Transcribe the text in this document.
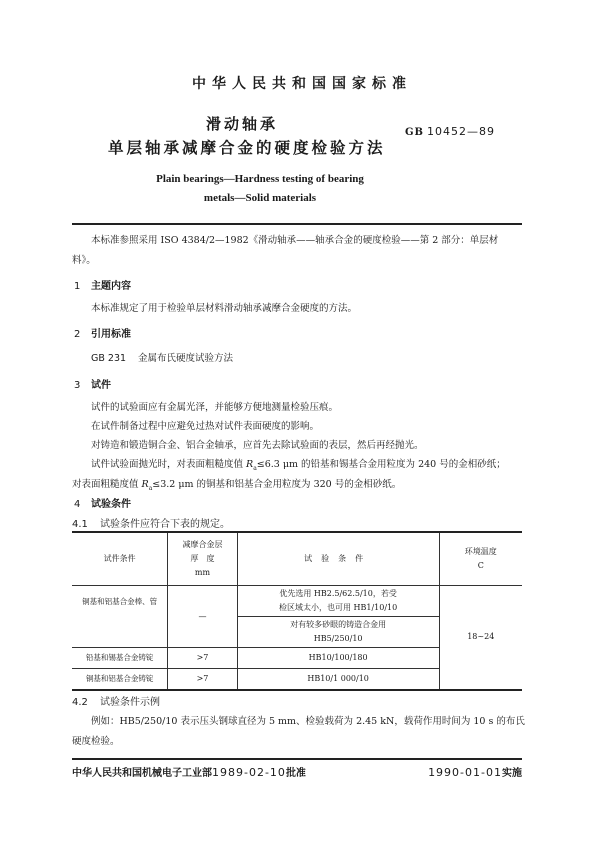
中华人民共和国国家标准
滑动轴承
单层轴承减摩合金的硬度检验方法
GB 10452—89
Plain bearings—Hardness testing of bearing
metals—Solid materials
本标准参照采用 ISO 4384/2—1982《滑动轴承——轴承合金的硬度检验——第 2 部分：单层材料》。
1 主题内容
本标准规定了用于检验单层材料滑动轴承减摩合金硬度的方法。
2 引用标准
GB 231 金属布氏硬度试验方法
3 试件
试件的试验面应有金属光泽，并能够方便地测量检验压痕。
在试件制备过程中应避免过热对试件表面硬度的影响。
对铸造和锻造铜合金、铝合金轴承，应首先去除试验面的表层，然后再经抛光。
试件试验面抛光时，对表面粗糙度值 $R_a\le 6.3$ μm 的铅基和锡基合金用粒度为 240 号的金相砂纸；
对表面粗糙度值 $R_a\le 3.2$ μm 的铜基和铝基合金用粒度为 320 号的金相砂纸。
4 试验条件
4.1 试验条件应符合下表的规定。
试件条件	减摩合金层
厚　度
mm	试验条件	环境温度
C

铜基和铝基合金棒、管	—	优先选用 HB2.5/62.5/10，若受
检区域太小，也可用 HB1/10/10	18~24

		对有较多砂眼的铸造合金用
HB5/250/10	

铅基和锡基合金铸锭	>7	HB10/100/180	
铜基和铝基合金铸锭	>7	HB10/1 000/10	
4.2 试验条件示例
例如：HB5/250/10 表示压头钢球直径为 5 mm、检验载荷为 2.45 kN，载荷作用时间为 10 s 的布氏
硬度检验。
中华人民共和国机械电子工业部1989-02-10批准	1990-01-01实施
